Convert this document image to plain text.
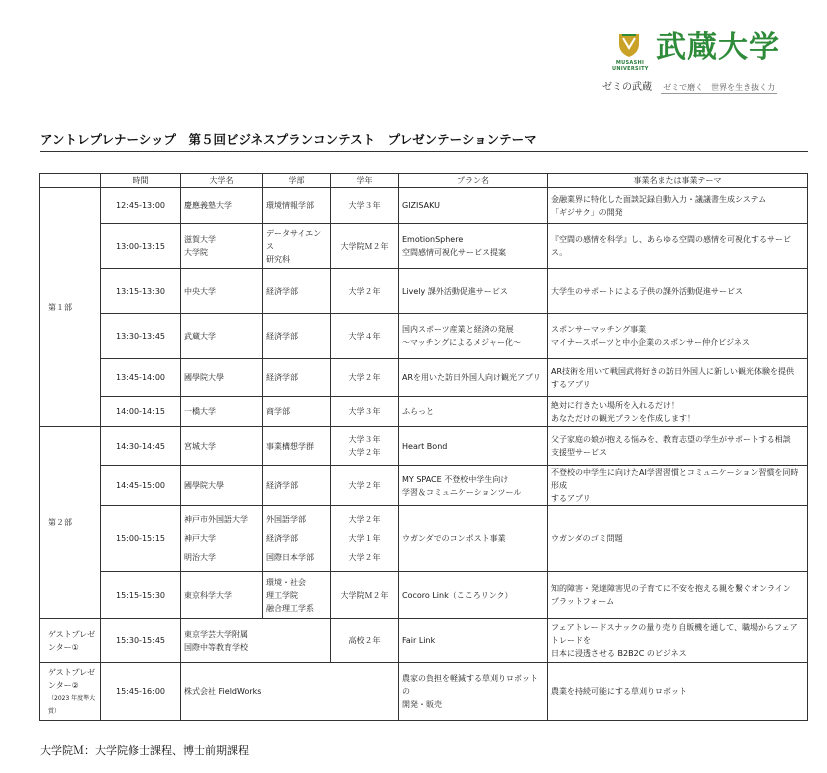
MUSASHI UNIVERSITY
武蔵大学
ゼミの武蔵 ゼミで磨く　世界を生き抜く力
アントレプレナーシップ　第５回ビジネスプランコンテスト　プレゼンテーションテーマ
	時間	大学名	学部	学年	プラン名	事業名または事業テーマ
第１部	12:45-13:00	慶應義塾大学	環境情報学部	大学３年	GIZISAKU	金融業界に特化した面談記録自動入力・議議書生成システム
「ギジサク」の開発

	13:00-13:15	滋賀大学
大学院	データサイエンス
研究科	大学院Ｍ２年	EmotionSphere
空間感情可視化サービス提案	『空間の感情を科学』し、あらゆる空間の感情を可視化するサービス。

	13:15-13:30	中央大学	経済学部	大学２年	Lively 課外活動促進サービス	大学生のサポートによる子供の課外活動促進サービス

	13:30-13:45	武蔵大学	経済学部	大学４年	国内スポーツ産業と経済の発展
～マッチングによるメジャー化～	スポンサーマッチング事業
マイナースポーツと中小企業のスポンサー仲介ビジネス

	13:45-14:00	國學院大學	経済学部	大学２年	ARを用いた訪日外国人向け観光アプリ	AR技術を用いて戦国武将好きの訪日外国人に新しい観光体験を提供
するアプリ

	14:00-14:15	一橋大学	商学部	大学３年	ふらっと	絶対に行きたい場所を入れるだけ！
あなただけの観光プランを作成します！

第２部	14:30-14:45	宮城大学	事業構想学群	大学３年
大学２年	Heart Bond	父子家庭の娘が抱える悩みを、教育志望の学生がサポートする相談
支援型サービス

	14:45-15:00	國學院大學	経済学部	大学２年	MY SPACE 不登校中学生向け
学習＆コミュニケーションツール	不登校の中学生に向けたAI学習習慣とコミュニケーション習慣を同時形成
するアプリ

	15:00-15:15	神戸市外国語大学
神戸大学
明治大学	外国語学部
経済学部
国際日本学部	大学２年
大学１年
大学２年	ウガンダでのコンポスト事業	ウガンダのゴミ問題

	15:15-15:30	東京科学大学	環境・社会
理工学院
融合理工学系	大学院Ｍ２年	Cocoro Link（こころリンク）	知的障害・発達障害児の子育てに不安を抱える親を繋ぐオンライン
プラットフォーム

ゲストプレゼンター①	15:30-15:45	東京学芸大学附属
国際中等教育学校		高校２年	Fair Link	フェアトレードスナックの量り売り自販機を通して、職場からフェアトレードを
日本に浸透させる B2B2C のビジネス

ゲストプレゼンター②
（2023 年度準大賞）	15:45-16:00	株式会社 FieldWorks			農家の負担を軽減する草刈りロボットの
開発・販売	農業を持続可能にする草刈りロボット
大学院Ｍ：大学院修士課程、博士前期課程
